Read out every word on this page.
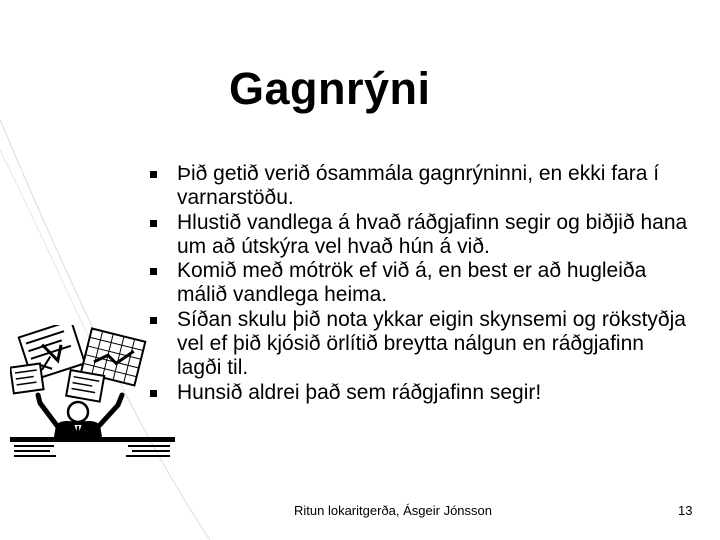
Gagnrýni
Þið getið verið ósammála gagnrýninni, en ekki fara í varnarstöðu.
Hlustið vandlega á hvað ráðgjafinn segir og biðjið hana um að útskýra vel hvað hún á við.
Komið með mótrök ef við á, en best er að hugleiða málið vandlega heima.
Síðan skulu þið nota ykkar eigin skynsemi og rökstyðja vel ef þið kjósið örlítið breytta nálgun en ráðgjafinn lagði til.
Hunsið aldrei það sem ráðgjafinn segir!
Ritun lokaritgerða, Ásgeir Jónsson	13
